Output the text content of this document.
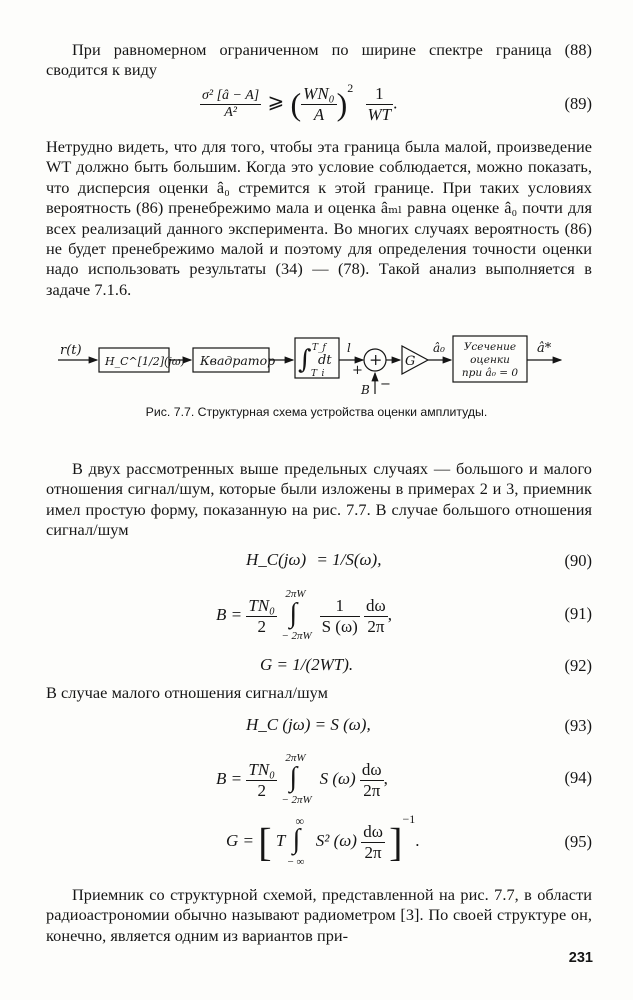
При равномерном ограниченном по ширине спектре граница (88) сводится к виду
$\frac{\text{σ² [â − A]}}{\text{A²}}$ ⩾ ( $\frac{\text{WN₀}}{A} )^2 \frac{1}{WT}$ .	(89)
Нетрудно видеть, что для того, чтобы эта граница была малой, произведение WT должно быть большим. Когда это условие соблюдается, можно показать, что дисперсия оценки â₀ стремится к этой границе. При таких условиях вероятность (86) пренебрежимо мала и оценка âₘₗ равна оценке â₀ почти для всех реализаций данного эксперимента. Во многих случаях вероятность (86) не будет пренебрежимо малой и поэтому для определения точности оценки надо использовать результаты (34) — (78). Такой анализ выполняется в задаче 7.1.6.
r(t)
H_C^[1/2](jω) Квадратор ∫ T_f
T_i
dt
l
+
+
B −
G
â₀ Усечение
оценки
при â₀ = 0
â*
Рис. 7.7. Структурная схема устройства оценки амплитуды.
В двух рассмотренных выше предельных случаях — большого и малого отношения сигнал/шум, которые были изложены в примерах 2 и 3, приемник имел простую форму, показанную на рис. 7.7. В случае большого отношения сигнал/шум
H_C(jω) = 1/S(ω),	(90)
$B = \frac{\text{TN₀}}{2}$

2πW
∫
− 2πW
$\frac{1}{S (\omega)}$
$\frac{d\omega}{2\pi}$ ,	(91)
G = 1/(2WT).	(92)
В случае малого отношения сигнал/шум
H_C (jω) = S (ω),	(93)
$B = \frac{\text{TN₀}}{2}$

2πW
∫
− 2πW
S $(\omega) \frac{d\omega}{2\pi}$ ,	(94)
G = [ T
∞
∫
− ∞
S² $(\omega) \frac{d\omega}{2\pi} ]^{-1}$.	(95)
Приемник со структурной схемой, представленной на рис. 7.7, в области радиоастрономии обычно называют радиометром [3]. По своей структуре он, конечно, является одним из вариантов при-
231
